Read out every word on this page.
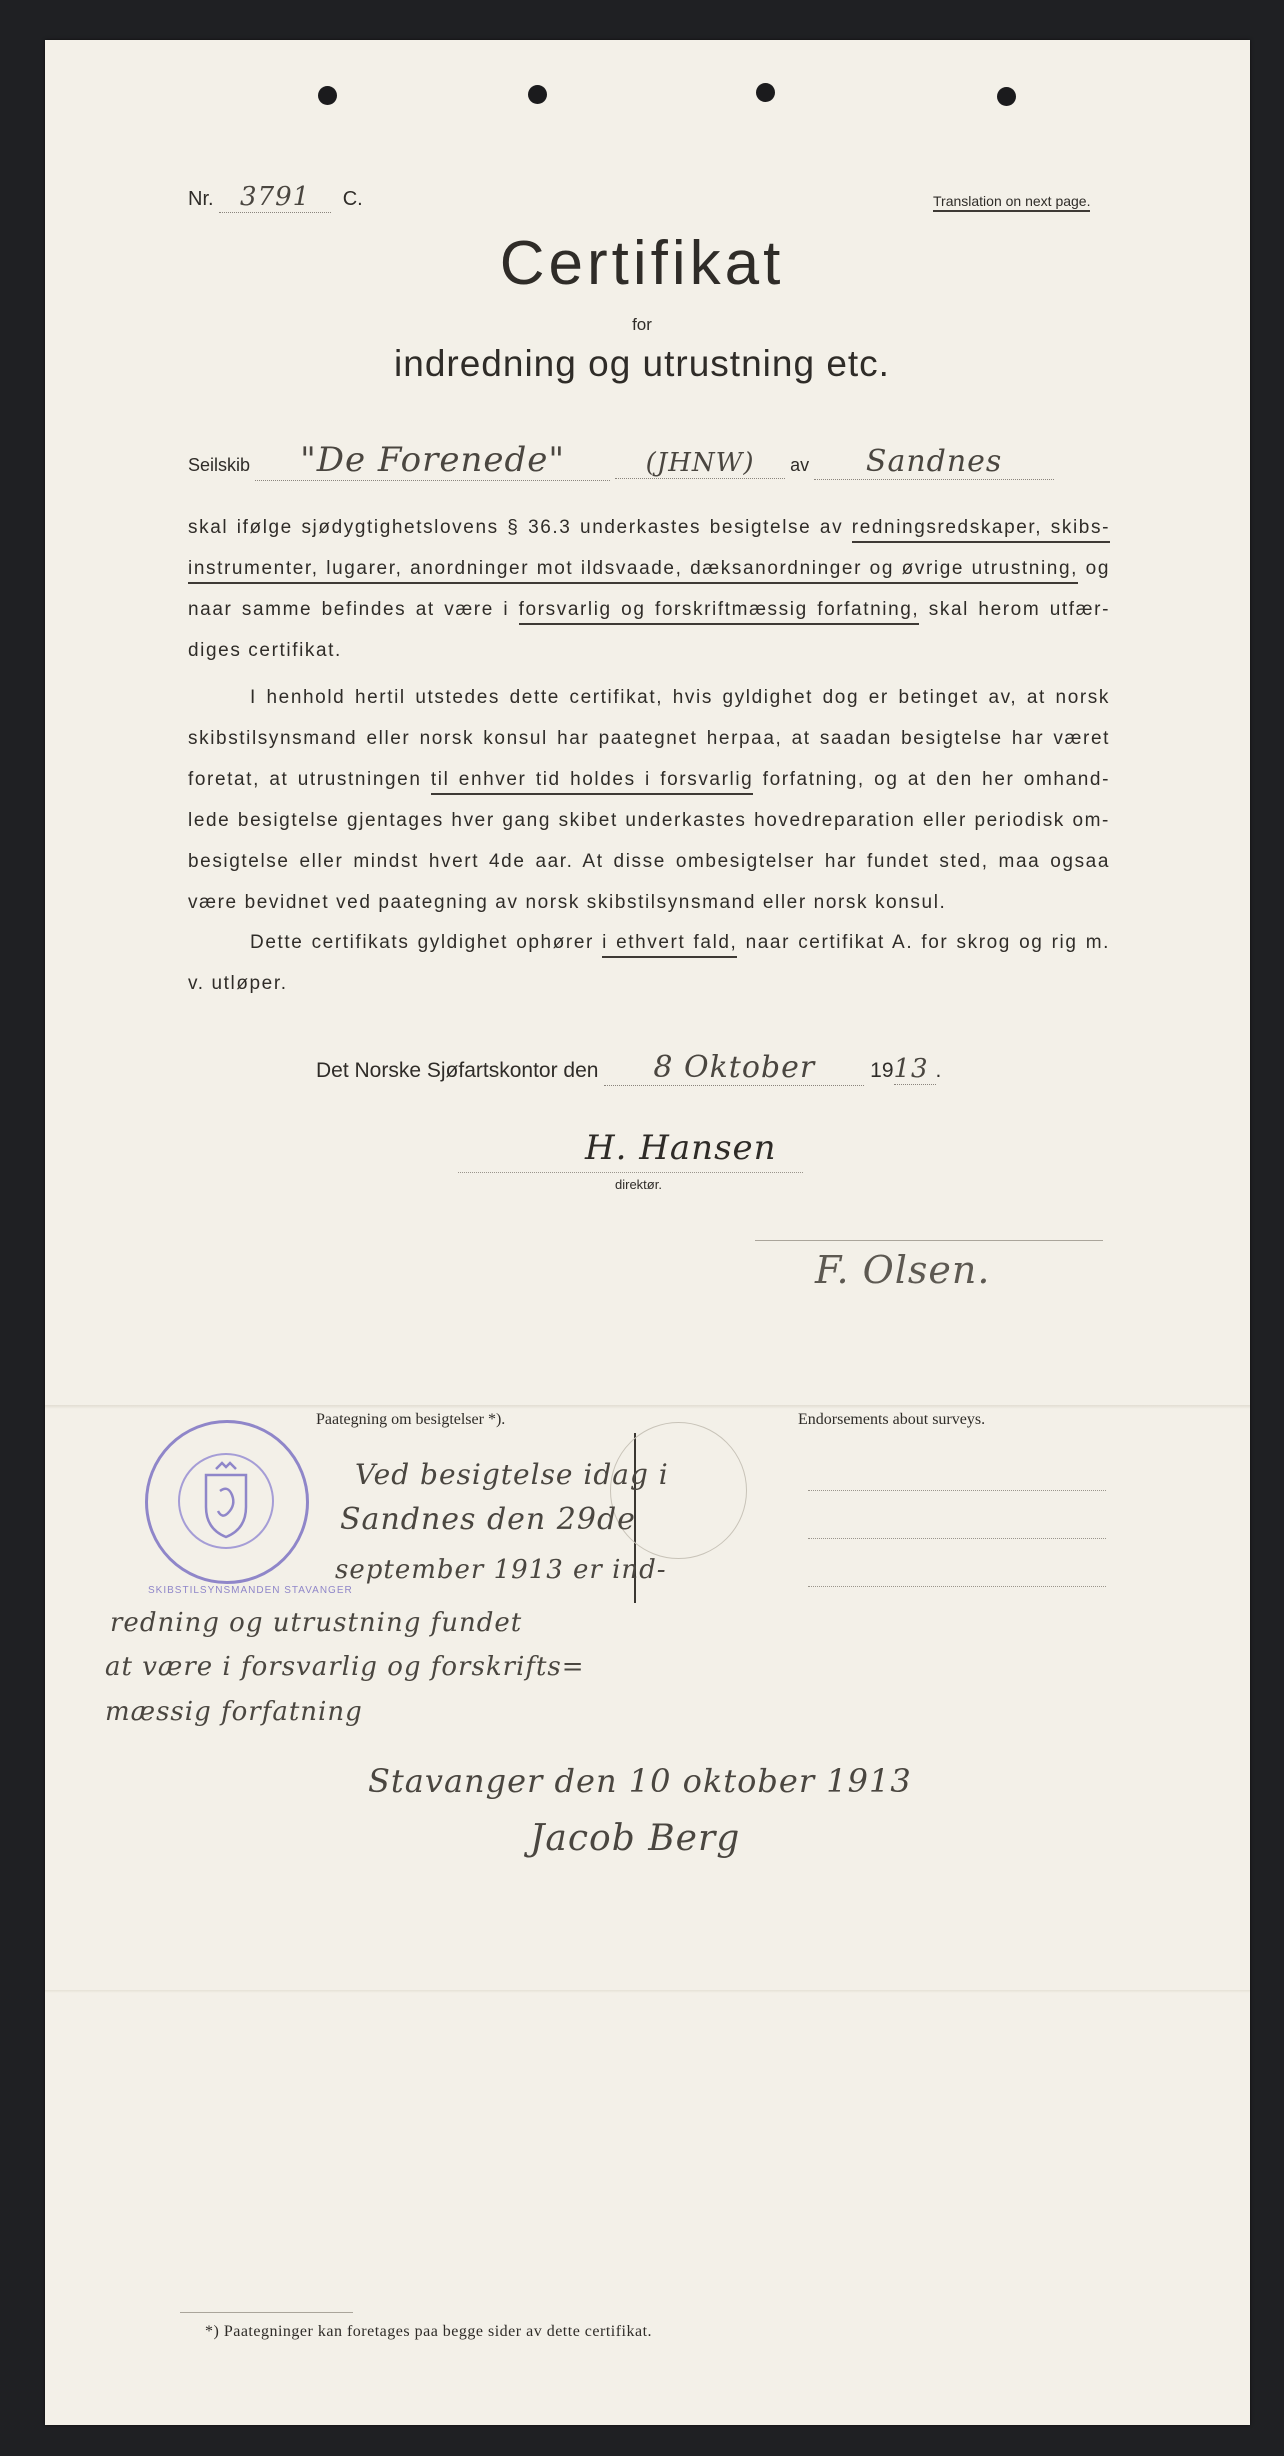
Nr. 3791 C.	Translation on next page.
Certifikat
for
indredning og utrustning etc.
Seilskib "De Forenede"	(JHNW) av Sandnes
skal ifølge sjødygtighetslovens § 36.3 underkastes besigtelse av redningsredskaper, skibs-instrumenter, lugarer, anordninger mot ildsvaade, dæksanordninger og øvrige utrustning, og naar samme befindes at være i forsvarlig og forskriftmæssig forfatning, skal herom utfær-diges certifikat.
I henhold hertil utstedes dette certifikat, hvis gyldighet dog er betinget av, at norsk skibstilsynsmand eller norsk konsul har paategnet herpaa, at saadan besigtelse har været foretat, at utrustningen til enhver tid holdes i forsvarlig forfatning, og at den her omhand-lede besigtelse gjentages hver gang skibet underkastes hovedreparation eller periodisk om-besigtelse eller mindst hvert 4de aar. At disse ombesigtelser har fundet sted, maa ogsaa være bevidnet ved paategning av norsk skibstilsynsmand eller norsk konsul.
Dette certifikats gyldighet ophører i ethvert fald, naar certifikat A. for skrog og rig m. v. utløper.
Det Norske Sjøfartskontor den 8 Oktober	1913 .
H. Hansen
direktør.
F. Olsen.
Paategning om besigtelser *).	Endorsements about surveys.
SKIBSTILSYNSMANDEN STAVANGER
Ved besigtelse idag i
Sandnes den 29de
september 1913 er ind-
redning og utrustning fundet
at være i forsvarlig og forskrifts=
mæssig forfatning
Stavanger den 10 oktober 1913
Jacob Berg
*) Paategninger kan foretages paa begge sider av dette certifikat.
